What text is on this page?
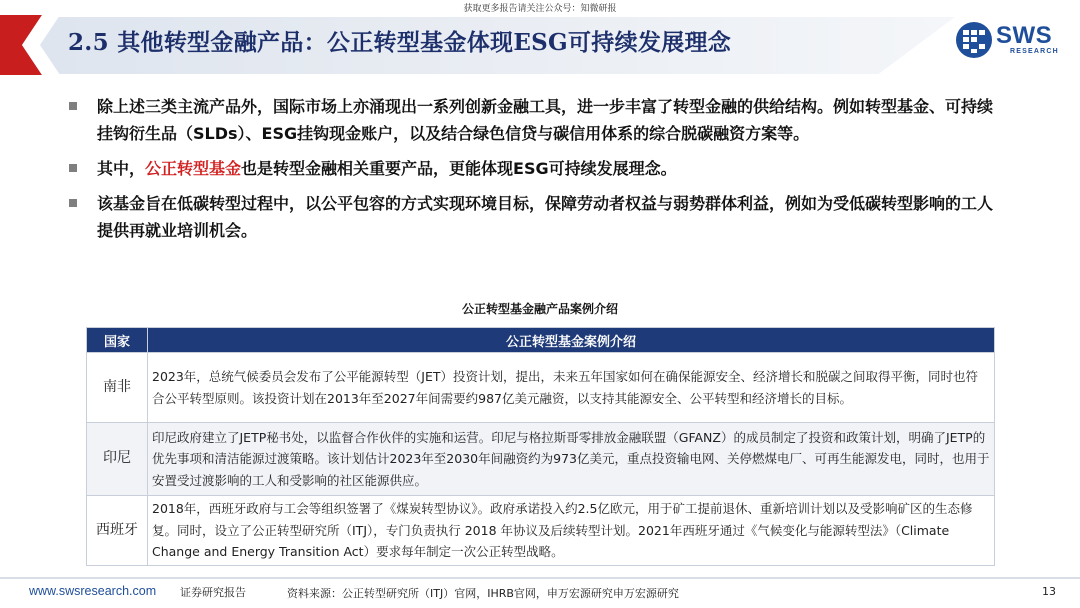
获取更多报告请关注公众号：知微研报
2.5 其他转型金融产品：公正转型基金体现ESG可持续发展理念	SWS
RESEARCH
除上述三类主流产品外，国际市场上亦涌现出一系列创新金融工具，进一步丰富了转型金融的供给结构。例如转型基金、可持续挂钩衍生品（SLDs）、ESG挂钩现金账户，以及结合绿色信贷与碳信用体系的综合脱碳融资方案等。
其中，公正转型基金也是转型金融相关重要产品，更能体现ESG可持续发展理念。
该基金旨在低碳转型过程中，以公平包容的方式实现环境目标，保障劳动者权益与弱势群体利益，例如为受低碳转型影响的工人提供再就业培训机会。
公正转型基金融产品案例介绍
国家	公正转型基金案例介绍
南非	2023年，总统气候委员会发布了公平能源转型（JET）投资计划，提出，未来五年国家如何在确保能源安全、经济增长和脱碳之间取得平衡，同时也符合公平转型原则。该投资计划在2013年至2027年间需要约987亿美元融资，以支持其能源安全、公平转型和经济增长的目标。
印尼	印尼政府建立了JETP秘书处，以监督合作伙伴的实施和运营。印尼与格拉斯哥零排放金融联盟（GFANZ）的成员制定了投资和政策计划，明确了JETP的优先事项和清洁能源过渡策略。该计划估计2023年至2030年间融资约为973亿美元，重点投资输电网、关停燃煤电厂、可再生能源发电，同时，也用于安置受过渡影响的工人和受影响的社区能源供应。
西班牙	2018年，西班牙政府与工会等组织签署了《煤炭转型协议》。政府承诺投入约2.5亿欧元，用于矿工提前退休、重新培训计划以及受影响矿区的生态修复。同时，设立了公正转型研究所（ITJ），专门负责执行 2018 年协议及后续转型计划。2021年西班牙通过《气候变化与能源转型法》（Climate Change and Energy Transition Act）要求每年制定一次公正转型战略。
www.swsresearch.com 证券研究报告	资料来源：公正转型研究所（ITJ）官网，IHRB官网，申万宏源研究申万宏源研究	13
